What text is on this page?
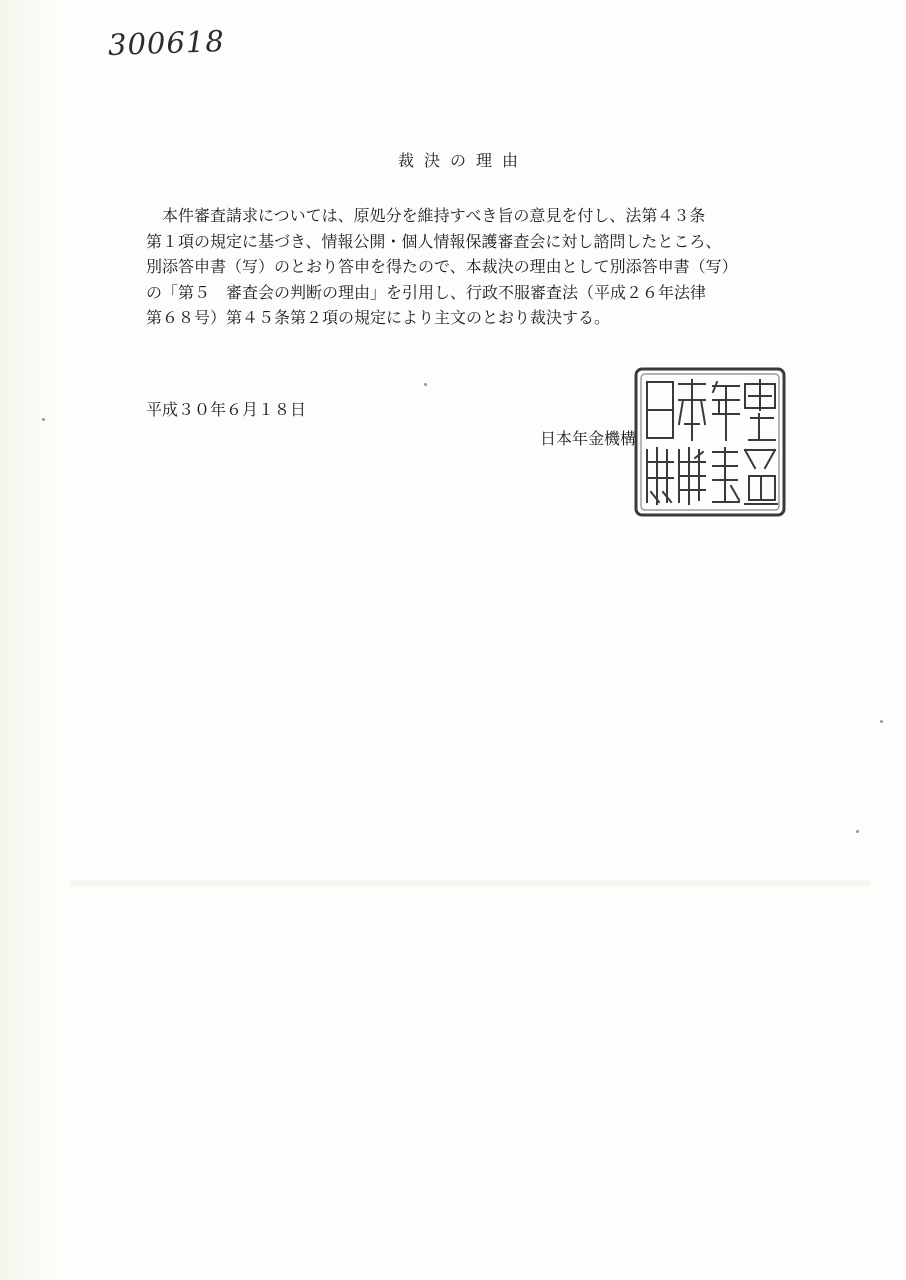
300618
裁決の理由
　本件審査請求については、原処分を維持すべき旨の意見を付し、法第４３条
第１項の規定に基づき、情報公開・個人情報保護審査会に対し諮問したところ、
別添答申書（写）のとおり答申を得たので、本裁決の理由として別添答申書（写）
の「第５　審査会の判断の理由」を引用し、行政不服審査法（平成２６年法律
第６８号）第４５条第２項の規定により主文のとおり裁決する。
平成３０年６月１８日
日本年金機構
